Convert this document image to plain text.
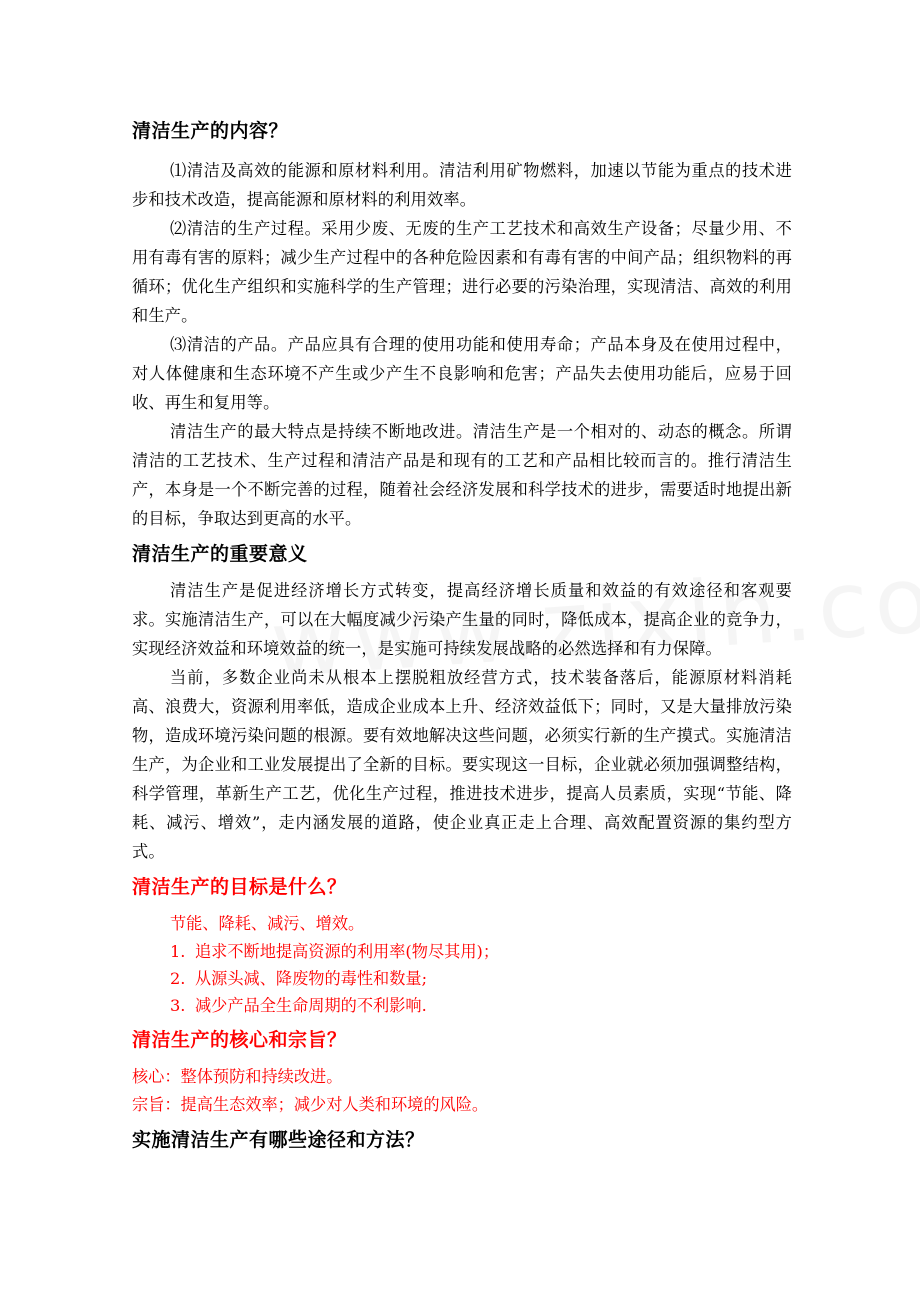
清洁生产的内容？

⑴清洁及高效的能源和原材料利用。清洁利用矿物燃料，加速以节能为重点的技术进步和技术改造，提高能源和原材料的利用效率。

⑵清洁的生产过程。采用少废、无废的生产工艺技术和高效生产设备；尽量少用、不用有毒有害的原料；减少生产过程中的各种危险因素和有毒有害的中间产品；组织物料的再循环；优化生产组织和实施科学的生产管理；进行必要的污染治理，实现清洁、高效的利用和生产。

⑶清洁的产品。产品应具有合理的使用功能和使用寿命；产品本身及在使用过程中，对人体健康和生态环境不产生或少产生不良影响和危害；产品失去使用功能后，应易于回收、再生和复用等。

清洁生产的最大特点是持续不断地改进。清洁生产是一个相对的、动态的概念。所谓清洁的工艺技术、生产过程和清洁产品是和现有的工艺和产品相比较而言的。推行清洁生产，本身是一个不断完善的过程，随着社会经济发展和科学技术的进步，需要适时地提出新的目标，争取达到更高的水平。

清洁生产的重要意义

清洁生产是促进经济增长方式转变，提高经济增长质量和效益的有效途径和客观要求。实施清洁生产，可以在大幅度减少污染产生量的同时，降低成本，提高企业的竞争力，实现经济效益和环境效益的统一，是实施可持续发展战略的必然选择和有力保障。

当前，多数企业尚未从根本上摆脱粗放经营方式，技术装备落后，能源原材料消耗高、浪费大，资源利用率低，造成企业成本上升、经济效益低下；同时，又是大量排放污染物，造成环境污染问题的根源。要有效地解决这些问题，必须实行新的生产摸式。实施清洁生产，为企业和工业发展提出了全新的目标。要实现这一目标，企业就必须加强调整结构，科学管理，革新生产工艺，优化生产过程，推进技术进步，提高人员素质，实现“节能、降耗、减污、增效”，走内涵发展的道路，使企业真正走上合理、高效配置资源的集约型方式。

清洁生产的目标是什么？
节能、降耗、减污、增效。
1. 追求不断地提高资源的利用率(物尽其用)；
2. 从源头减、降废物的毒性和数量;
3. 减少产品全生命周期的不利影响.
清洁生产的核心和宗旨？
核心：整体预防和持续改进。
宗旨：提高生态效率；减少对人类和环境的风险。
实施清洁生产有哪些途径和方法？
